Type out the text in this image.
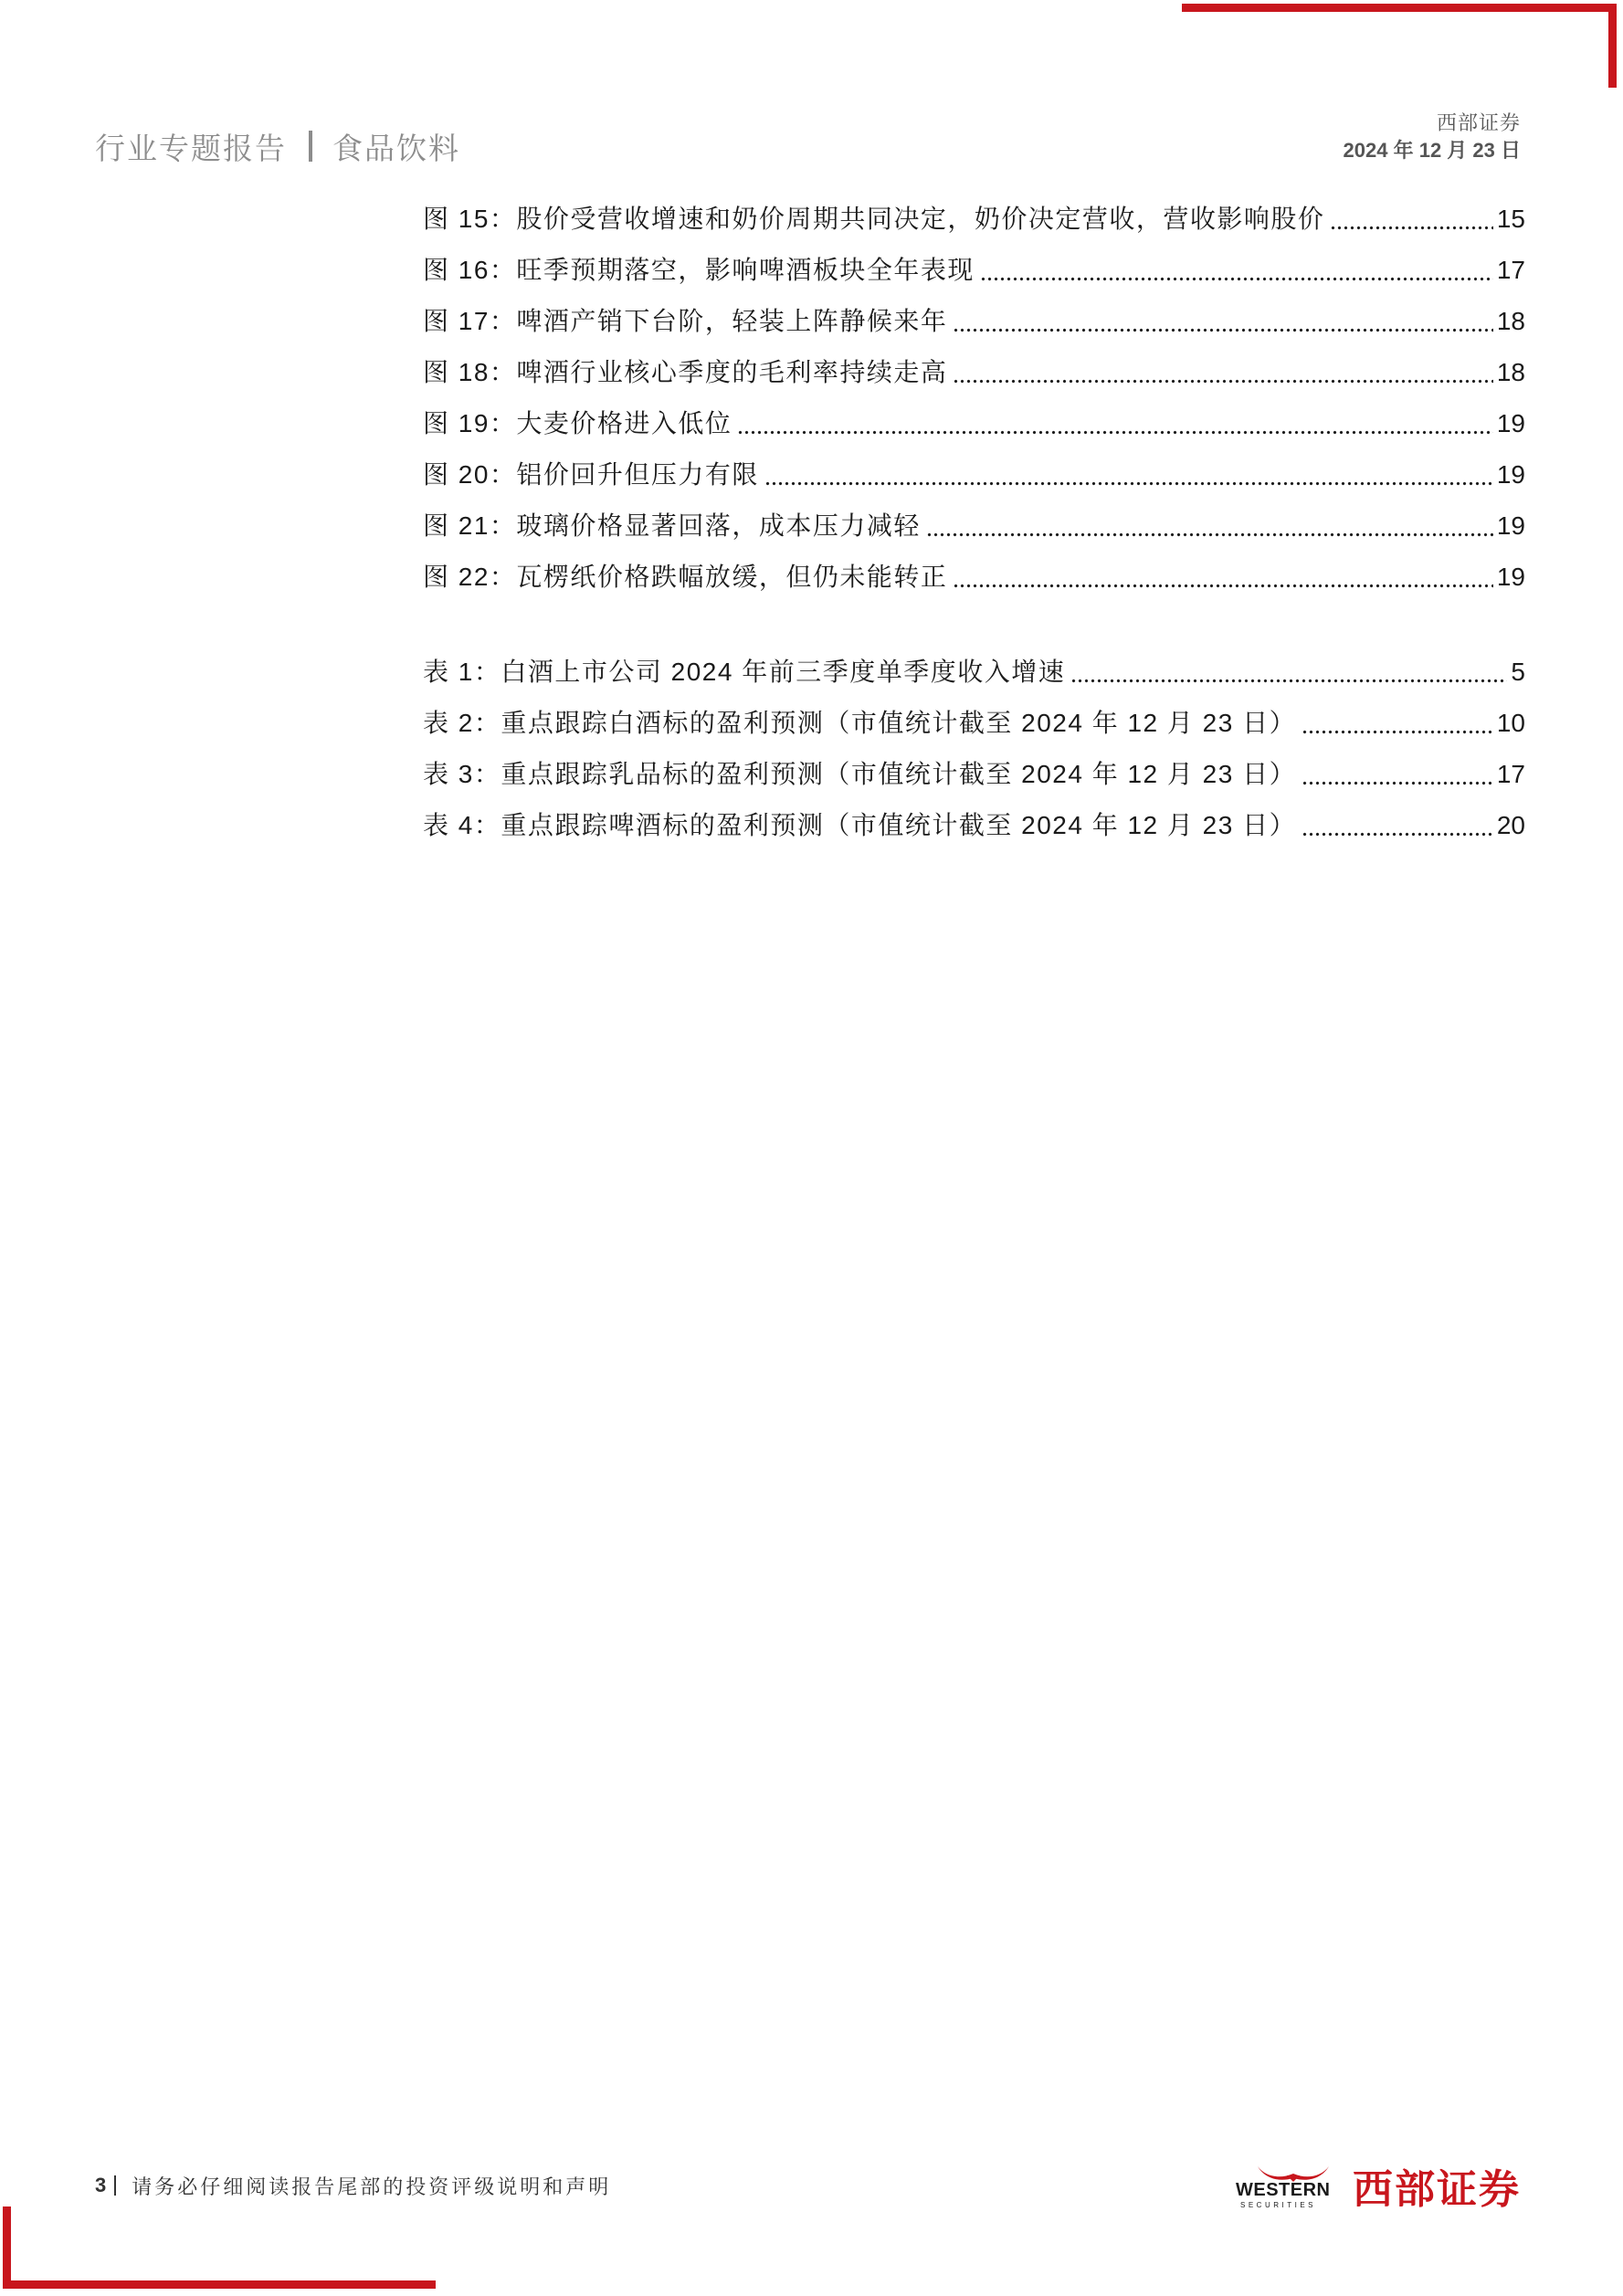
行业专题报告 食品饮料
西部证券
2024 年 12 月 23 日
图 15：股价受营收增速和奶价周期共同决定，奶价决定营收，营收影响股价	15
图 16：旺季预期落空，影响啤酒板块全年表现	17
图 17：啤酒产销下台阶，轻装上阵静候来年	18
图 18：啤酒行业核心季度的毛利率持续走高	18
图 19：大麦价格进入低位	19
图 20：铝价回升但压力有限	19
图 21：玻璃价格显著回落，成本压力减轻	19
图 22：瓦楞纸价格跌幅放缓，但仍未能转正	19
表 1：白酒上市公司 2024 年前三季度单季度收入增速	5
表 2：重点跟踪白酒标的盈利预测（市值统计截至 2024 年 12 月 23 日）	10
表 3：重点跟踪乳品标的盈利预测（市值统计截至 2024 年 12 月 23 日）	17
表 4：重点跟踪啤酒标的盈利预测（市值统计截至 2024 年 12 月 23 日）	20
3 请务必仔细阅读报告尾部的投资评级说明和声明	WESTERN
SECURITIES 西部证券
